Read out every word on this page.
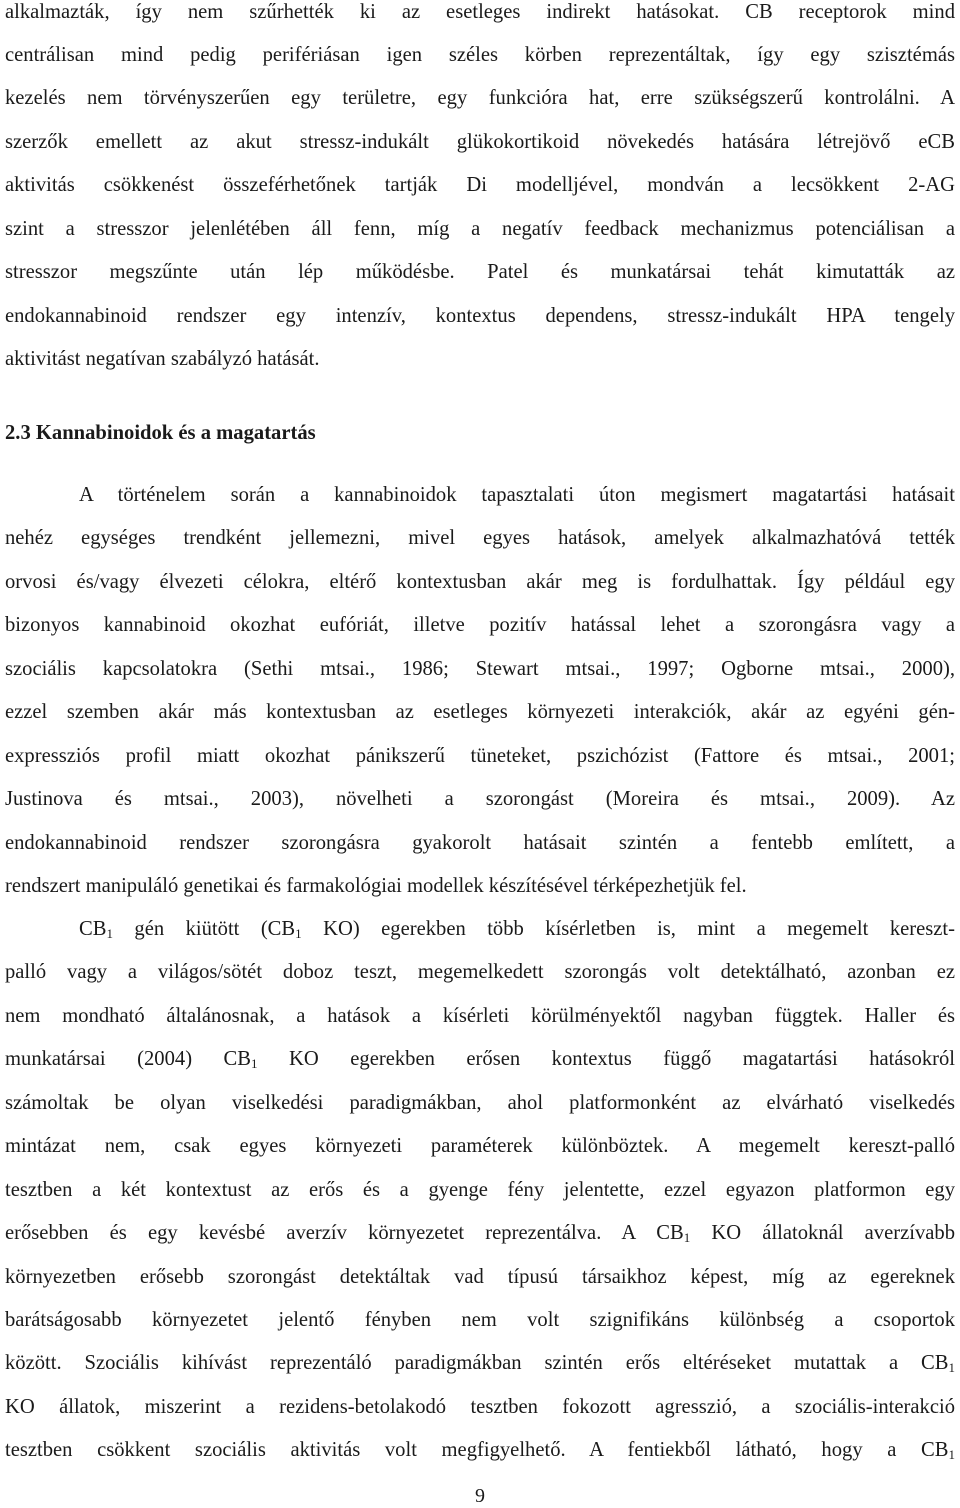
alkalmazták, így nem szűrhették ki az esetleges indirekt hatásokat. CB receptorok mind
centrálisan mind pedig perifériásan igen széles körben reprezentáltak, így egy szisztémás
kezelés nem törvényszerűen egy területre, egy funkcióra hat, erre szükségszerű kontrolálni. A
szerzők emellett az akut stressz-indukált glükokortikoid növekedés hatására létrejövő eCB
aktivitás csökkenést összeférhetőnek tartják Di modelljével, mondván a lecsökkent 2-AG
szint a stresszor jelenlétében áll fenn, míg a negatív feedback mechanizmus potenciálisan a
stresszor megszűnte után lép működésbe. Patel és munkatársai tehát kimutatták az
endokannabinoid rendszer egy intenzív, kontextus dependens, stressz-indukált HPA tengely
aktivitást negatívan szabályzó hatását.
2.3 Kannabinoidok és a magatartás
A történelem során a kannabinoidok tapasztalati úton megismert magatartási hatásait
nehéz egységes trendként jellemezni, mivel egyes hatások, amelyek alkalmazhatóvá tették
orvosi és/vagy élvezeti célokra, eltérő kontextusban akár meg is fordulhattak. Így például egy
bizonyos kannabinoid okozhat eufóriát, illetve pozitív hatással lehet a szorongásra vagy a
szociális kapcsolatokra (Sethi mtsai., 1986; Stewart mtsai., 1997; Ogborne mtsai., 2000),
ezzel szemben akár más kontextusban az esetleges környezeti interakciók, akár az egyéni gén-
expressziós profil miatt okozhat pánikszerű tüneteket, pszichózist (Fattore és mtsai., 2001;
Justinova és mtsai., 2003), növelheti a szorongást (Moreira és mtsai., 2009). Az
endokannabinoid rendszer szorongásra gyakorolt hatásait szintén a fentebb említett, a
rendszert manipuláló genetikai és farmakológiai modellek készítésével térképezhetjük fel.
$CB_1$ gén kiütött ($CB_1$ KO) egerekben több kísérletben is, mint a megemelt kereszt-
palló vagy a világos/sötét doboz teszt, megemelkedett szorongás volt detektálható, azonban ez
nem mondható általánosnak, a hatások a kísérleti körülményektől nagyban függtek. Haller és
munkatársai (2004) $CB_1$ KO egerekben erősen kontextus függő magatartási hatásokról
számoltak be olyan viselkedési paradigmákban, ahol platformonként az elvárható viselkedés
mintázat nem, csak egyes környezeti paraméterek különböztek. A megemelt kereszt-palló
tesztben a két kontextust az erős és a gyenge fény jelentette, ezzel egyazon platformon egy
erősebben és egy kevésbé averzív környezetet reprezentálva. A $CB_1$ KO állatoknál averzívabb
környezetben erősebb szorongást detektáltak vad típusú társaikhoz képest, míg az egereknek
barátságosabb környezetet jelentő fényben nem volt szignifikáns különbség a csoportok
között. Szociális kihívást reprezentáló paradigmákban szintén erős eltéréseket mutattak a $CB_1$
KO állatok, miszerint a rezidens-betolakodó tesztben fokozott agresszió, a szociális-interakció
tesztben csökkent szociális aktivitás volt megfigyelhető. A fentiekből látható, hogy a $CB_1$
9
